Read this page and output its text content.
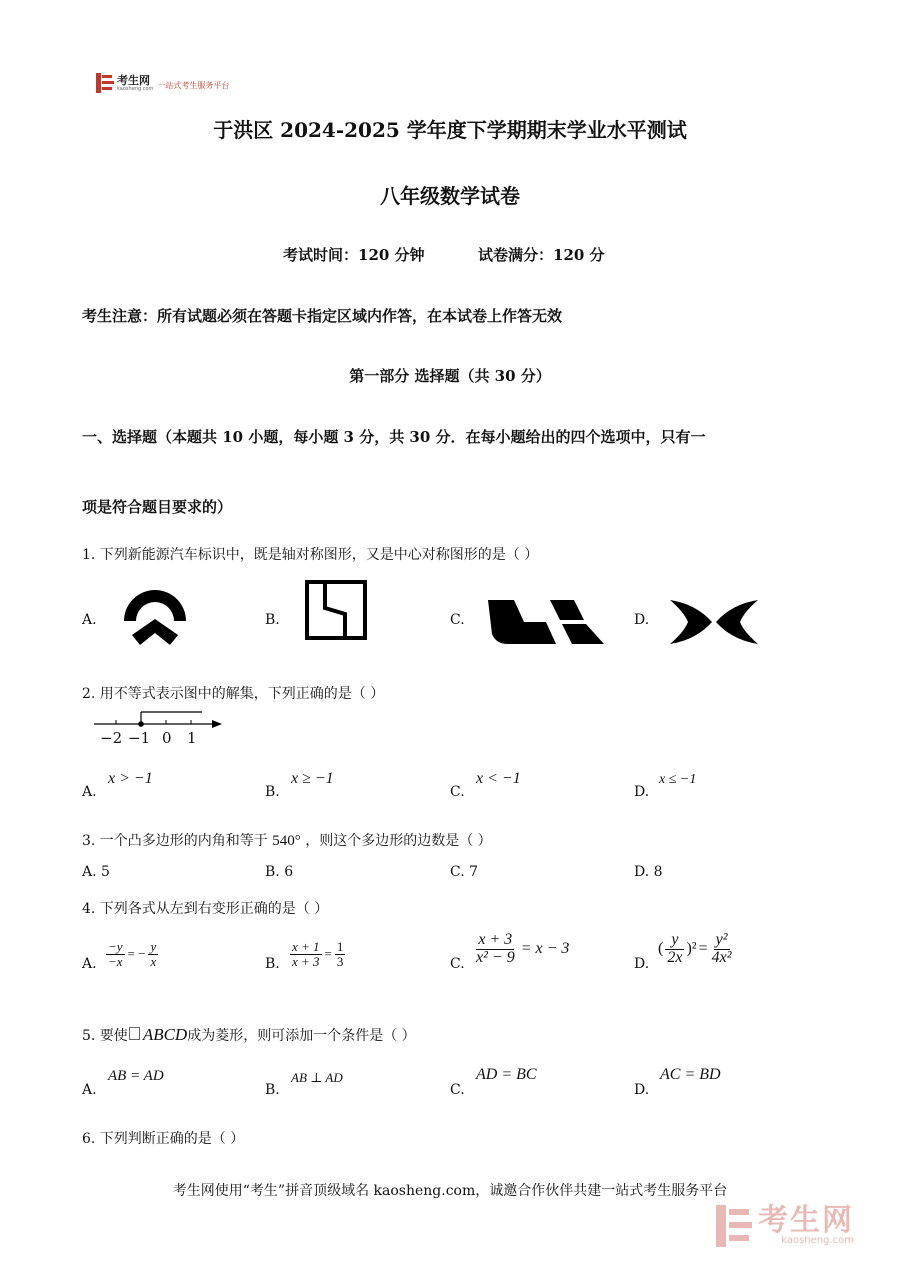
考生网
kaosheng.com 一站式考生服务平台
于洪区 2024-2025 学年度下学期期末学业水平测试
八年级数学试卷
考试时间：120 分钟	试卷满分：120 分
考生注意：所有试题必须在答题卡指定区域内作答，在本试卷上作答无效
第一部分 选择题（共 30 分）
一、选择题（本题共 10 小题，每小题 3 分，共 30 分．在每小题给出的四个选项中，只有一
项是符合题目要求的）
1. 下列新能源汽车标识中，既是轴对称图形，又是中心对称图形的是（ ）
A.	B.	C.	D.
2. 用不等式表示图中的解集，下列正确的是（ ）
−2 −1 0 1
A.
x > −1
B.
x ≥ −1
C.
x < −1
D.
x ≤ −1
3. 一个凸多边形的内角和等于 540° ，则这个多边形的边数是（ ）
A. 5	B. 6	C. 7	D. 8
4. 下列各式从左到右变形正确的是（ ）
A. $\frac{-y}{-x}$ = − $\frac{y}{x}$	B. $\frac{x + 1}{x + 3} = \frac{1}{3}$	C. $\frac{x + 3}{\text{x² − 9}} = x - 3$
D.
( $\frac{y}{2x} )^2 = \frac{\text{y²}}{\text{4x²}}$
5. 要使 ABCD 成为菱形，则可添加一个条件是（ ）
A.
AB = AD
B.
AB ⊥ AD
C.
AD = BC
D.
AC = BD
6. 下列判断正确的是（ ）
考生网使用“考生”拼音顶级域名 kaosheng.com，诚邀合作伙伴共建一站式考生服务平台
考生网
kaosheng.com
